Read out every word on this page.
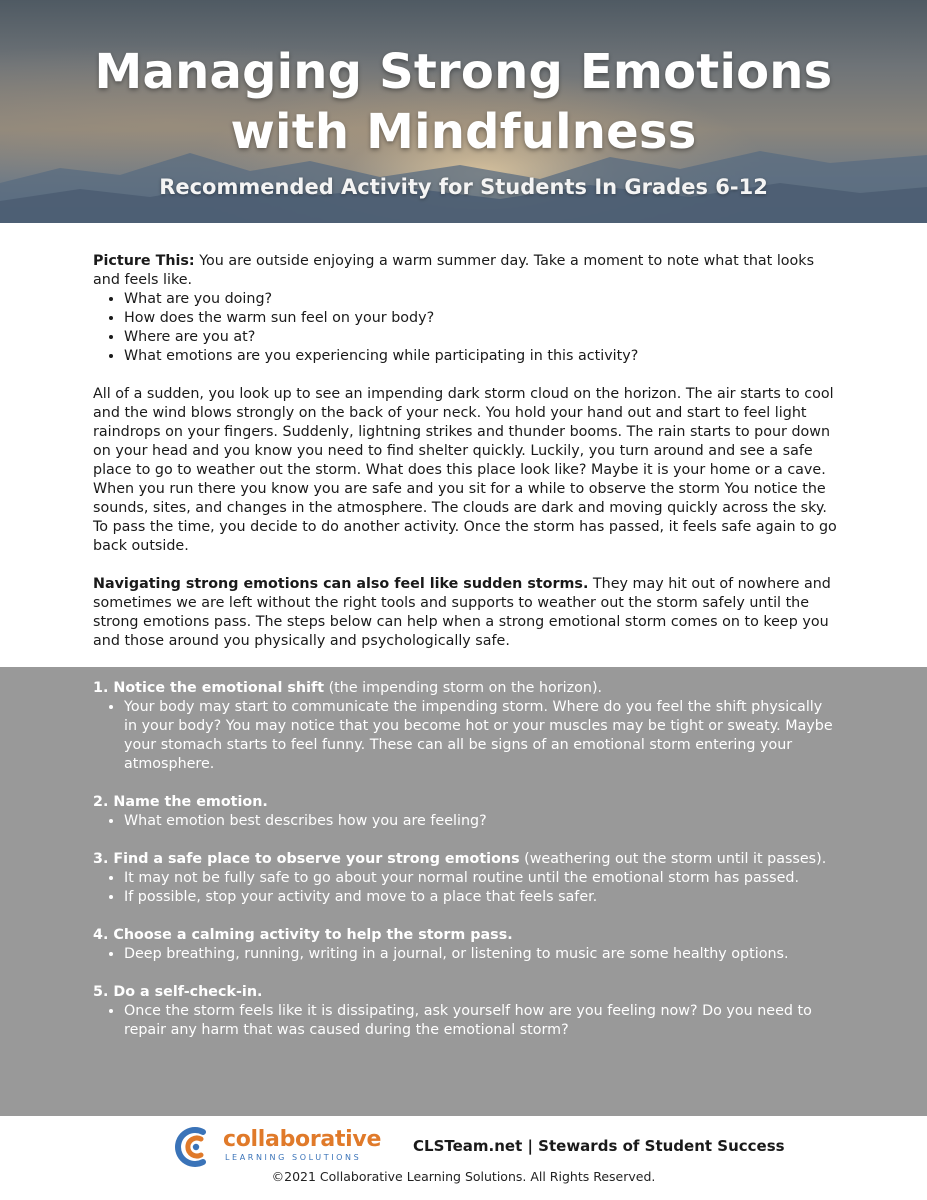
Managing Strong Emotions
with Mindfulness
Recommended Activity for Students In Grades 6-12

Picture This: You are outside enjoying a warm summer day. Take a moment to note what that looks and feels like.

• What are you doing?
• How does the warm sun feel on your body?
• Where are you at?
• What emotions are you experiencing while participating in this activity?

All of a sudden, you look up to see an impending dark storm cloud on the horizon. The air starts to cool and the wind blows strongly on the back of your neck. You hold your hand out and start to feel light raindrops on your fingers. Suddenly, lightning strikes and thunder booms. The rain starts to pour down on your head and you know you need to find shelter quickly. Luckily, you turn around and see a safe place to go to weather out the storm. What does this place look like? Maybe it is your home or a cave. When you run there you know you are safe and you sit for a while to observe the storm You notice the sounds, sites, and changes in the atmosphere. The clouds are dark and moving quickly across the sky. To pass the time, you decide to do another activity. Once the storm has passed, it feels safe again to go back outside.

Navigating strong emotions can also feel like sudden storms. They may hit out of nowhere and sometimes we are left without the right tools and supports to weather out the storm safely until the strong emotions pass. The steps below can help when a strong emotional storm comes on to keep you and those around you physically and psychologically safe.

1. Notice the emotional shift (the impending storm on the horizon).

• Your body may start to communicate the impending storm. Where do you feel the shift physically in your body? You may notice that you become hot or your muscles may be tight or sweaty. Maybe your stomach starts to feel funny. These can all be signs of an emotional storm entering your atmosphere.

2. Name the emotion.

• What emotion best describes how you are feeling?

3. Find a safe place to observe your strong emotions (weathering out the storm until it passes).

• It may not be fully safe to go about your normal routine until the emotional storm has passed.
• If possible, stop your activity and move to a place that feels safer.

4. Choose a calming activity to help the storm pass.

• Deep breathing, running, writing in a journal, or listening to music are some healthy options.

5. Do a self-check-in.

• Once the storm feels like it is dissipating, ask yourself how are you feeling now? Do you need to repair any harm that was caused during the emotional storm?
collaborative
LEARNING SOLUTIONS
CLSTeam.net | Stewards of Student Success
©2021 Collaborative Learning Solutions. All Rights Reserved.
